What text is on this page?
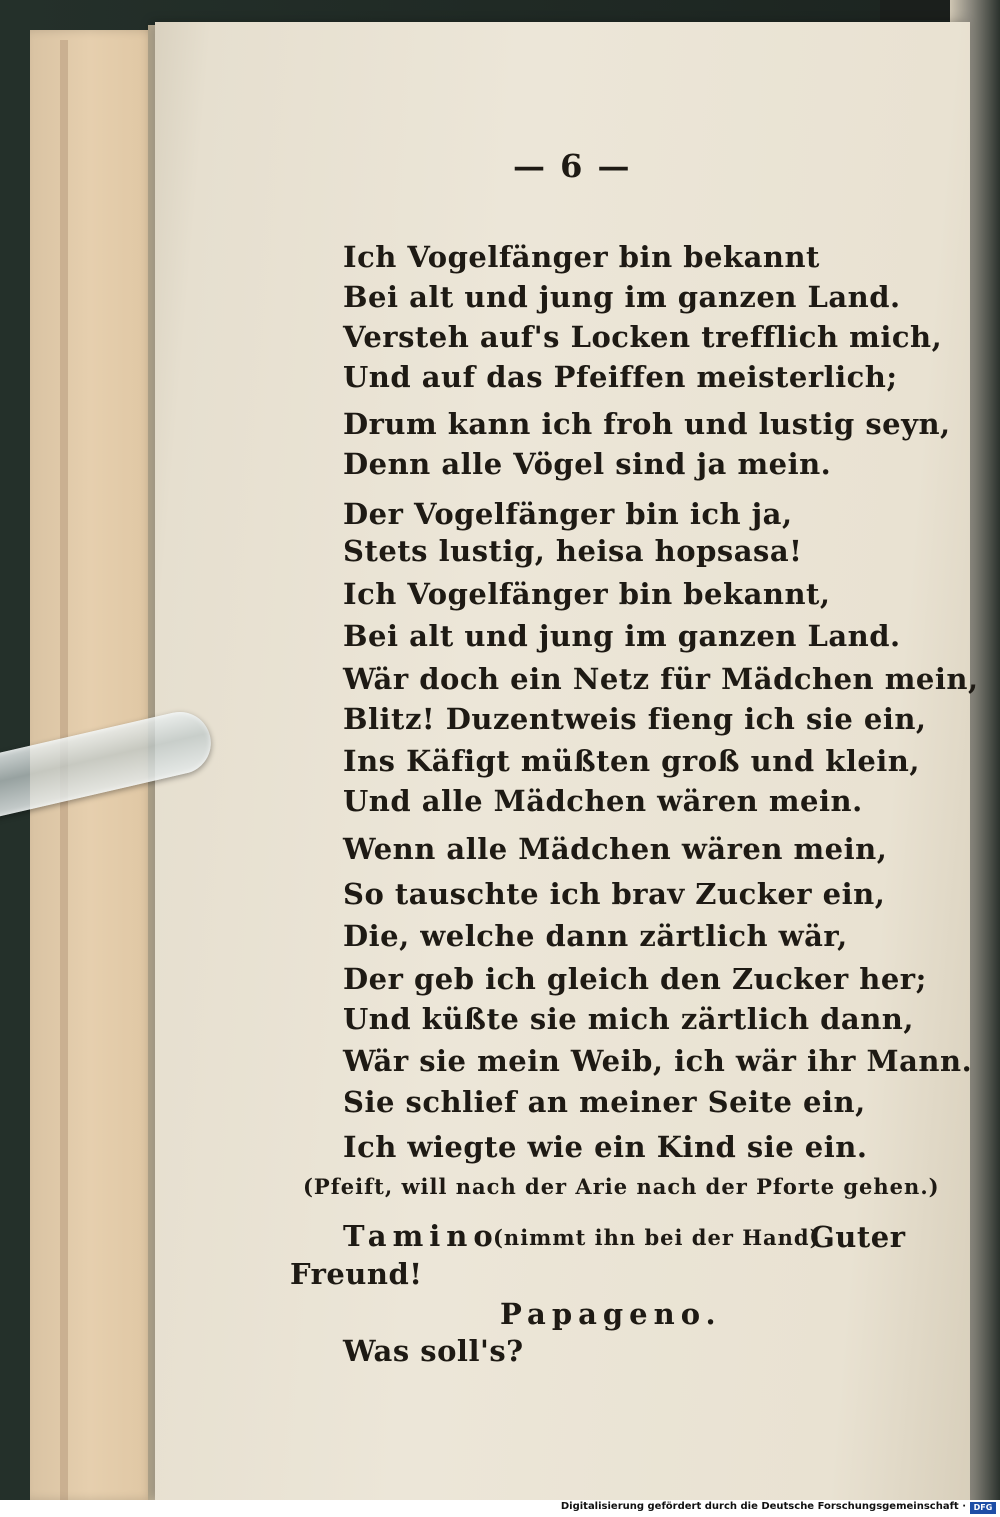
— 6 —
Ich Vogelfänger bin bekannt
Bei alt und jung im ganzen Land.
Versteh auf's Locken trefflich mich,
Und auf das Pfeiffen meisterlich;
Drum kann ich froh und lustig seyn,
Denn alle Vögel sind ja mein.
Der Vogelfänger bin ich ja,
Stets lustig, heisa hopsasa!
Ich Vogelfänger bin bekannt,
Bei alt und jung im ganzen Land.
Wär doch ein Netz für Mädchen mein,
Blitz! Duzentweis fieng ich sie ein,
Ins Käfigt müßten groß und klein,
Und alle Mädchen wären mein.
Wenn alle Mädchen wären mein,
So tauschte ich brav Zucker ein,
Die, welche dann zärtlich wär,
Der geb ich gleich den Zucker her;
Und küßte sie mich zärtlich dann,
Wär sie mein Weib, ich wär ihr Mann.
Sie schlief an meiner Seite ein,
Ich wiegte wie ein Kind sie ein.
(Pfeift, will nach der Arie nach der Pforte gehen.)
Tamino
(nimmt ihn bei der Hand)
Guter
Freund!
Papageno.
Was soll's?
Digitalisierung gefördert durch die Deutsche Forschungsgemeinschaft · DFG
